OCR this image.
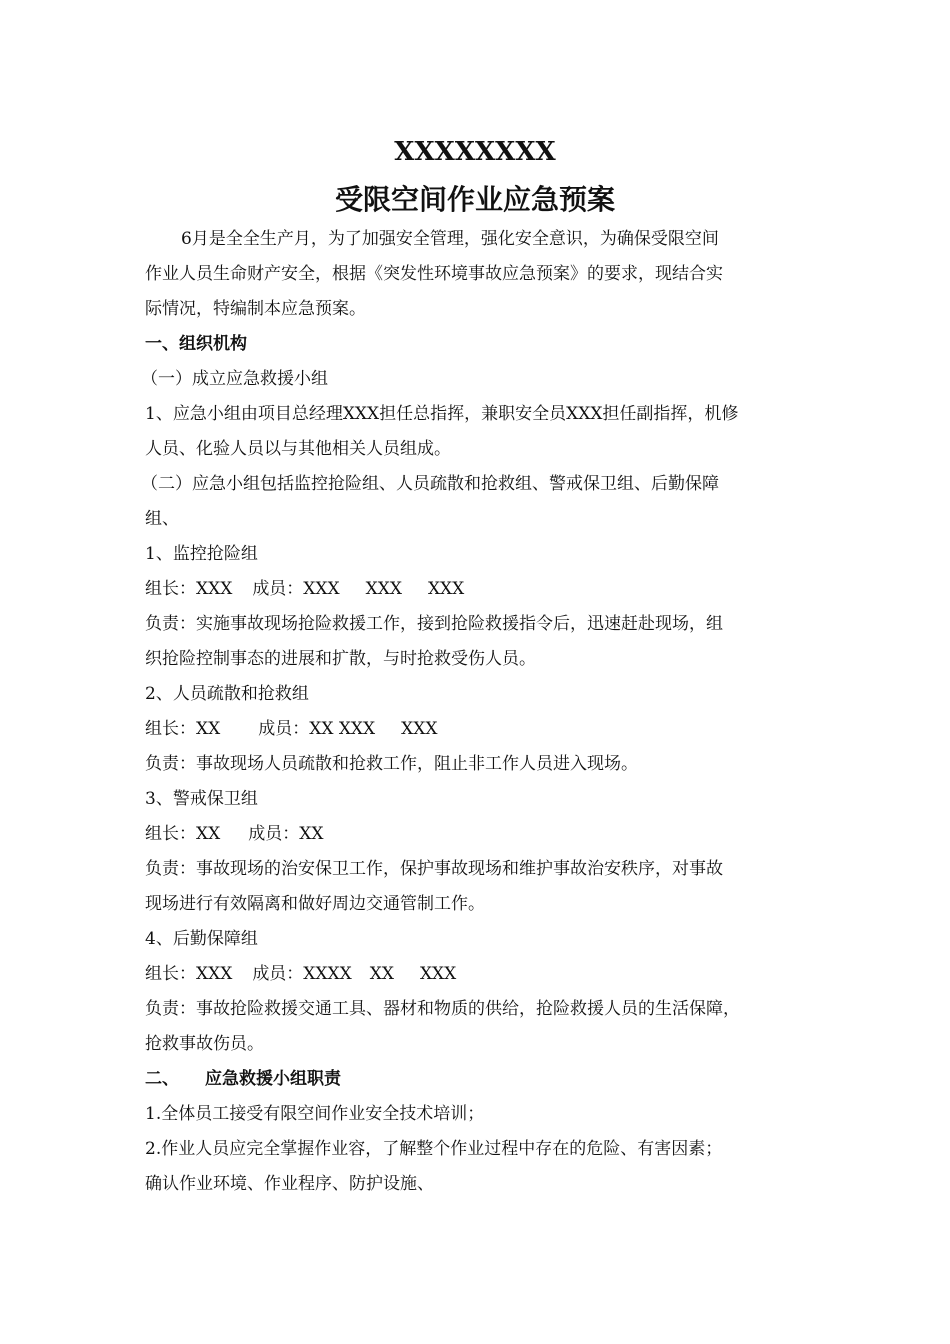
XXXXXXXX
受限空间作业应急预案

6月是全全生产月，为了加强安全管理，强化安全意识，为确保受限空间

作业人员生命财产安全，根据《突发性环境事故应急预案》的要求，现结合实

际情况，特编制本应急预案。

一、组织机构

（一）成立应急救援小组

1、应急小组由项目总经理XXX担任总指挥，兼职安全员XXX担任副指挥，机修

人员、化验人员以与其他相关人员组成。

（二）应急小组包括监控抢险组、人员疏散和抢救组、警戒保卫组、后勤保障

组、

1、监控抢险组

组长：XXX 成员：XXX XXX XXX

负责：实施事故现场抢险救援工作，接到抢险救援指令后，迅速赶赴现场，组

织抢险控制事态的进展和扩散，与时抢救受伤人员。

2、人员疏散和抢救组

组长：XX 成员：XX XXX XXX

负责：事故现场人员疏散和抢救工作，阻止非工作人员进入现场。

3、警戒保卫组

组长：XX 成员：XX

负责：事故现场的治安保卫工作，保护事故现场和维护事故治安秩序，对事故

现场进行有效隔离和做好周边交通管制工作。

4、后勤保障组

组长：XXX 成员：XXXX XX XXX

负责：事故抢险救援交通工具、器材和物质的供给，抢险救援人员的生活保障，

抢救事故伤员。

二、 应急救援小组职责

1.全体员工接受有限空间作业安全技术培训；

2.作业人员应完全掌握作业容，了解整个作业过程中存在的危险、有害因素；

确认作业环境、作业程序、防护设施、
